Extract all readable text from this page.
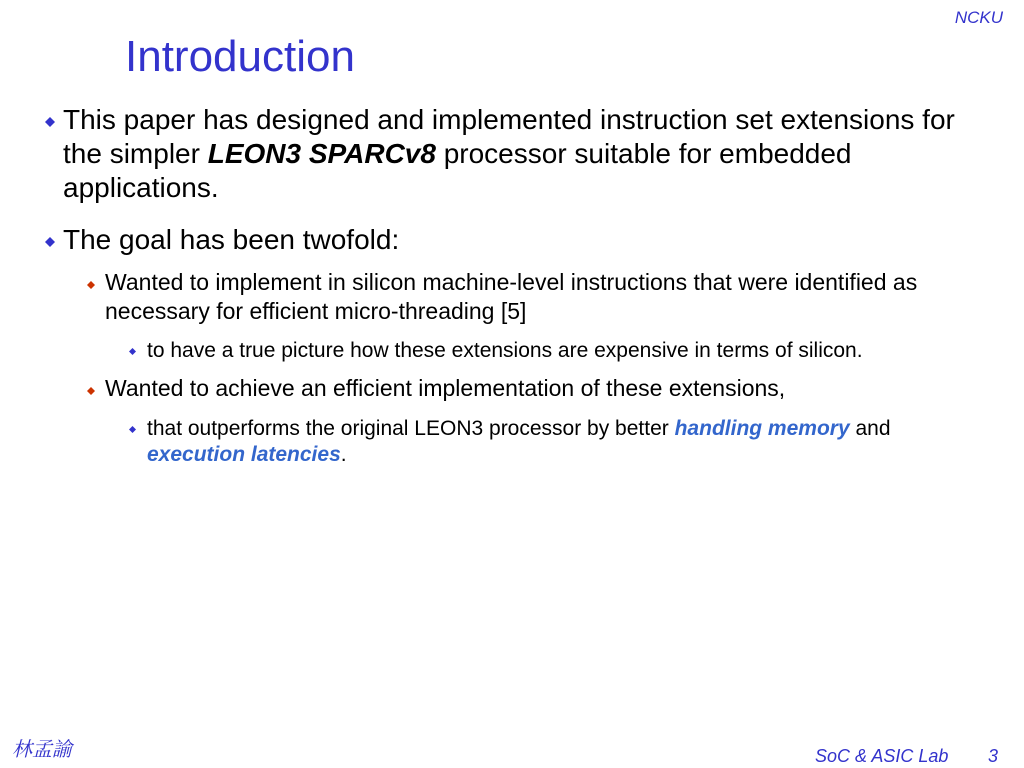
NCKU
Introduction
This paper has designed and implemented instruction set extensions for
the simpler LEON3 SPARCv8 processor suitable for embedded
applications.
The goal has been twofold:
Wanted to implement in silicon machine-level instructions that were identified as
necessary for efficient micro-threading [5]
to have a true picture how these extensions are expensive in terms of silicon.
Wanted to achieve an efficient implementation of these extensions,
that outperforms the original LEON3 processor by better handling memory and
execution latencies.
林孟諭	SoC & ASIC Lab 3
